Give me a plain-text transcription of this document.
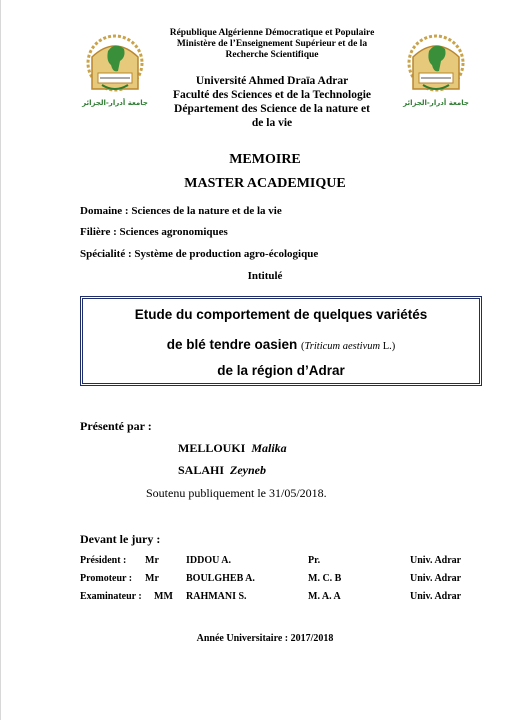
جامعة أدرار-الجزائر	جامعة أدرار-الجزائر
République Algérienne Démocratique et Populaire
Ministère de l’Enseignement Supérieur et de la
Recherche Scientifique
Université Ahmed Draïa Adrar
Faculté des Sciences et de la Technologie
Département des Science de la nature et
de la vie
MEMOIRE
MASTER ACADEMIQUE
Domaine : Sciences de la nature et de la vie
Filière : Sciences agronomiques
Spécialité : Système de production agro-écologique
Intitulé
Etude du comportement de quelques variétés
de blé tendre oasien (Triticum aestivum L.)
de la région d’Adrar
Présenté par :
MELLOUKI Malika
SALAHI Zeyneb
Soutenu publiquement le 31/05/2018.
Devant le jury :
Président : Mr	IDDOU A.	Pr.	Univ. Adrar
Promoteur : Mr	BOULGHEB A.	M. C. B	Univ. Adrar
Examinateur : MM RAHMANI S.	M. A. A	Univ. Adrar
Année Universitaire : 2017/2018
